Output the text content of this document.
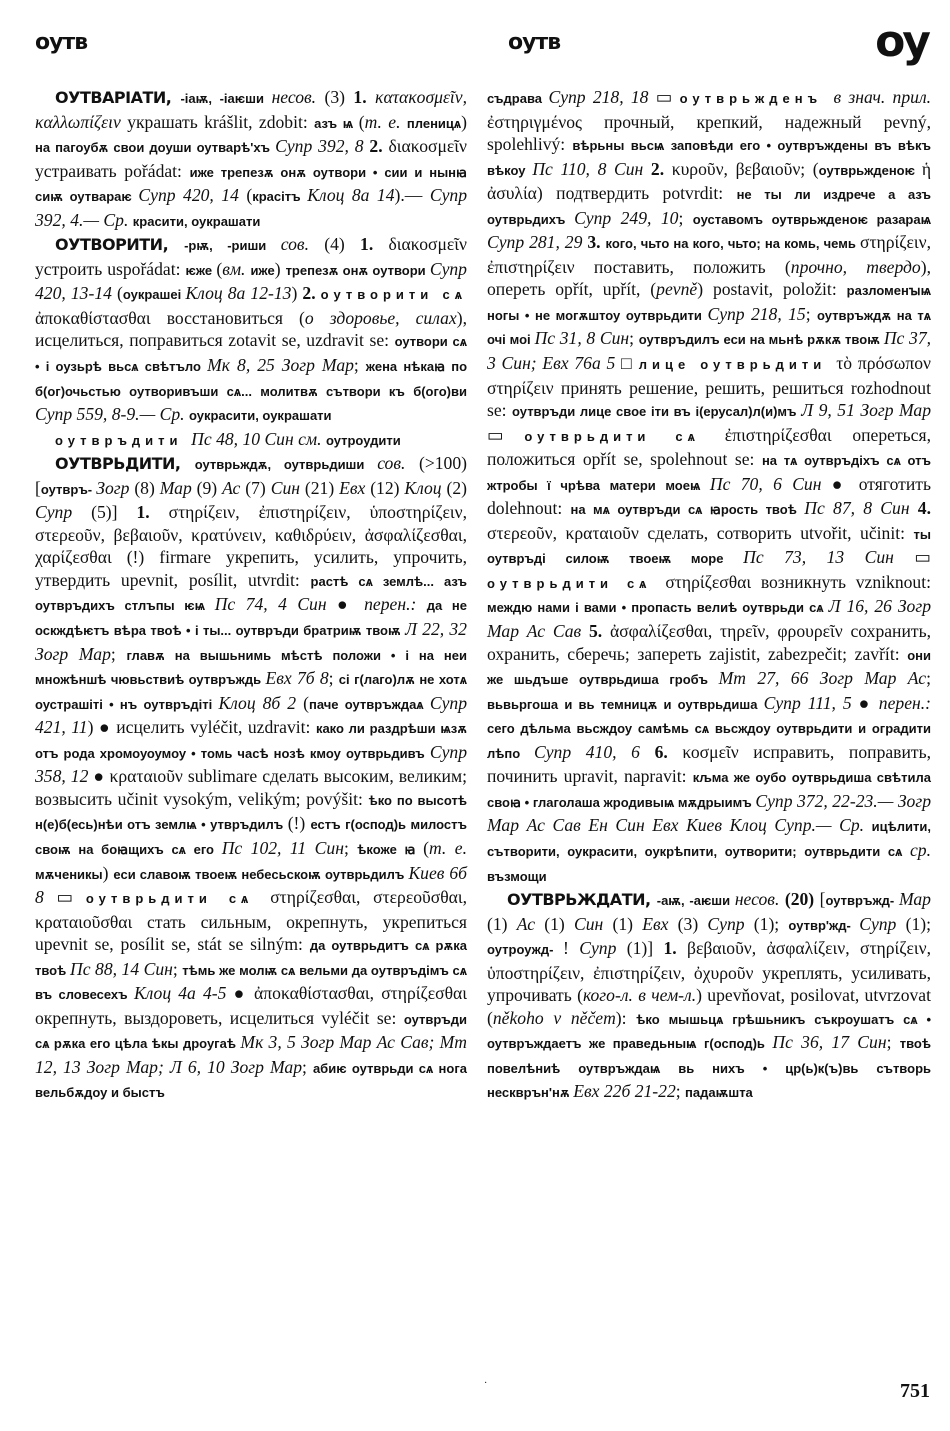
оутв	оутв	оу

ОУТВАРІАТИ, -іаѭ, -іаѥши несов. (3) 1. κατακοσμεῖν, καλλωπίζειν украшать krášlit, zdobit: азъ ѩ (т. е. пленицѧ) на пагоубѫ свои доуши оутварѣ'хъ Супр 392, 8 2. διακοσμεῖν устраивать pořádat: иже трепезѫ онѫ оутвори • сии и нынꙗ сиѭ оутвараѥ Супр 420, 14 (красітъ Клоц 8а 14).— Супр 392, 4.— Ср. красити, оукрашати

ОУТВОРИТИ, -рѭ, -риши сов. (4) 1. διακοσμεῖν устроить uspořádat: ѥже (вм. иже) трепезѫ онѫ оутвори Супр 420, 13-14 (оукрашеі Клоц 8а 12-13) 2. оутворити сѧ ἀποκαθίστασθαι восстановиться (о здоровье, силах), исцелиться, поправиться zotavit se, uzdravit se: оутвори сѧ • і оузьрѣ вьсѧ свѣтъло Мк 8, 25 Зогр Мар; жена нѣкаꙗ по б(ог)очьстью оутворивъши сѧ... молитвѫ сътвори къ б(ого)ви Супр 559, 8-9.— Ср. оукрасити, оукрашати

оутвръдити Пс 48, 10 Син см. оутроудити

ОУТВРЬДИТИ, оутврьждѫ, оутврьдиши сов. (>100) [оутвръ- Зогр (8) Мар (9) Ас (7) Син (21) Евх (12) Клоц (2) Супр (5)] 1. στηρίζειν, ἐπιστηρίζειν, ὑποστηρίζειν, στερεοῦν, βεβαιοῦν, κρατύνειν, καθιδρύειν, ἀσφαλίζεσθαι, χαρίζεσθαι (!) firmare укрепить, усилить, упрочить, утвердить upevnit, posílit, utvrdit: растѣ сѧ землѣ... азъ оутвръдихъ стлъпы ѥѩ Пс 74, 4 Син ● перен.: да не оскждѣѥтъ вѣра твоѣ • і ты... оутвръди братриѭ твоѭ Л 22, 32 Зогр Мар; главѫ на вышьнимь мѣстѣ положи • і на неи множѣншѣ чювьствиѣ оутвръждь Евх 7б 8; сі г(лаго)лѫ не хотѧ оустрашіті • нъ оутвръдіті Клоц 8б 2 (паче оутвръждаѧ Супр 421, 11) ● исцелить vyléčit, uzdravit: како ли раздрѣши ѩзѫ отъ рода хромоуоумоу • томь часѣ нозѣ кмоу оутврьдивъ Супр 358, 12 ● κραταιοῦν sublimare сделать высоким, великим; возвысить učinit vysokým, velikým; povýšit: ѣко по высотѣ н(е)б(есь)нѣи отъ землѩ • утвръдилъ (!) естъ г(оспод)ь милостъ своѭ на боꙗщихъ сѧ его Пс 102, 11 Син; ѣкоже ꙗ (т. е. мѫченикы) еси славоѭ твоеѭ небесьскоѭ оутврьдилъ Киев 6б 8 ▭ оутврьдити сѧ στηρίζεσθαι, στερεοῦσθαι, κραταιοῦσθαι стать сильным, окрепнуть, укрепиться upevnit se, posílit se, stát se silným: да оутврьдитъ сѧ рѫка твоѣ Пс 88, 14 Син; тѣмь же молѭ сѧ вельми да оутвръдімъ сѧ въ словесехъ Клоц 4а 4-5 ● ἀποκαθίστασθαι, στηρίζεσθαι окрепнуть, выздороветь, исцелиться vyléčit se: оутвръди сѧ рѫка его цѣла ѣкы дроугаѣ Мк 3, 5 Зогр Мар Ас Сав; Мт 12, 13 Зогр Мар; Л 6, 10 Зогр Мар; абиѥ оутврьди сѧ нога вельбѫдоу и быстъ

съдрава Супр 218, 18 ▭ оутврьжденъ в знач. прил. ἐστηριγμένος прочный, крепкий, надежный pevný, spolehlivý: вѣрьны вьсѩ заповѣди его • оутвръждены въ вѣкъ вѣкоу Пс 110, 8 Син 2. κυροῦν, βεβαιοῦν; (оутврьжденоѥ ἡ ἀσυλία) подтвердить potvrdit: не ты ли издрече а азъ оутврьдихъ Супр 249, 10; оуставомъ оутврьжденоѥ разараѩ Супр 281, 29 3. кого, чьто на кого, чьто; на комь, чемь στηρίζειν, ἐπιστηρίζειν поставить, положить (прочно, твердо), опереть opřít, upřít, (pevně) postavit, položit: разломенꙑѩ ногы • не могѫштоу оутврьдити Супр 218, 15; оутвръждѫ на тѧ очі моі Пс 31, 8 Син; оутвръдилъ еси на мьнѣ рѫкѫ твоѭ Пс 37, 3 Син; Евх 76а 5 □ лице оутврьдити τὸ πρόσωπον στηρίζειν принять решение, решить, решиться rozhodnout se: оутвръди лице свое іти въ і(ерусал)л(и)мъ Л 9, 51 Зогр Мар ▭ оутврьдити сѧ ἐπιστηρίζεσθαι опереться, положиться opřít se, spolehnout se: на тѧ оутвръдіхъ сѧ отъ жтробы ї чрѣва матери моеѩ Пс 70, 6 Син ● отяготить dolehnout: на мѧ оутвръди сѧ ꙗрость твоѣ Пс 87, 8 Син 4. στερεοῦν, κραταιοῦν сделать, сотворить utvořit, učinit: ты оутвръді силоѭ твоеѭ море Пс 73, 13 Син ▭ оутврьдити сѧ στηρίζεσθαι возникнуть vzniknout: междю нами і вами • пропасть велиѣ оутврьди сѧ Л 16, 26 Зогр Мар Ас Сав 5. ἀσφαλίζεσθαι, τηρεῖν, φρουρεῖν сохранить, охранить, сберечь; запереть zajistit, zabezpečit; zavřít: они же шьдъше оутврьдиша гробъ Мт 27, 66 Зогр Мар Ас; вьвьргоша и вь темницѫ и оутврьдиша Супр 111, 5 ● перен.: сего дѣльма вьсждоу самѣмь сѧ вьсждоу оутврьдити и оградити лѣпо Супр 410, 6 6. κοσμεῖν исправить, поправить, починить upravit, napravit: кљма же оубо оутврьдиша свѣтила своꙗ • глаголаша жродивыѩ мѫдрыимъ Супр 372, 22-23.— Зогр Мар Ас Сав Ен Син Евх Киев Клоц Супр.— Ср. ицѣлити, сътворити, оукрасити, оукрѣпити, оутворити; оутврьдити сѧ ср. възмощи

ОУТВРЬЖДАТИ, -аѭ, -аѥши несов. (20) [оутвръжд- Мар (1) Ас (1) Син (1) Евх (3) Супр (1); оутвр'жд- Супр (1); оутроужд- ! Супр (1)] 1. βεβαιοῦν, ἀσφαλίζειν, στηρίζειν, ὑποστηρίζειν, ἐπιστηρίζειν, ὀχυροῦν укреплять, усиливать, упрочивать (кого-л. в чем-л.) upevňovat, posilovat, utvrzovat (někoho v něčem): ѣко мышьцѧ грѣшьникъ съкроушатъ сѧ • оутвръждаетъ же праведьныѩ г(оспод)ь Пс 36, 17 Син; твоѣ повелѣниѣ оутвръждаѩ вь нихъ • цр(ь)к(ъ)вь сътворь нескврън'нѫ Евх 22б 21-22; падаѭшта

·	751
